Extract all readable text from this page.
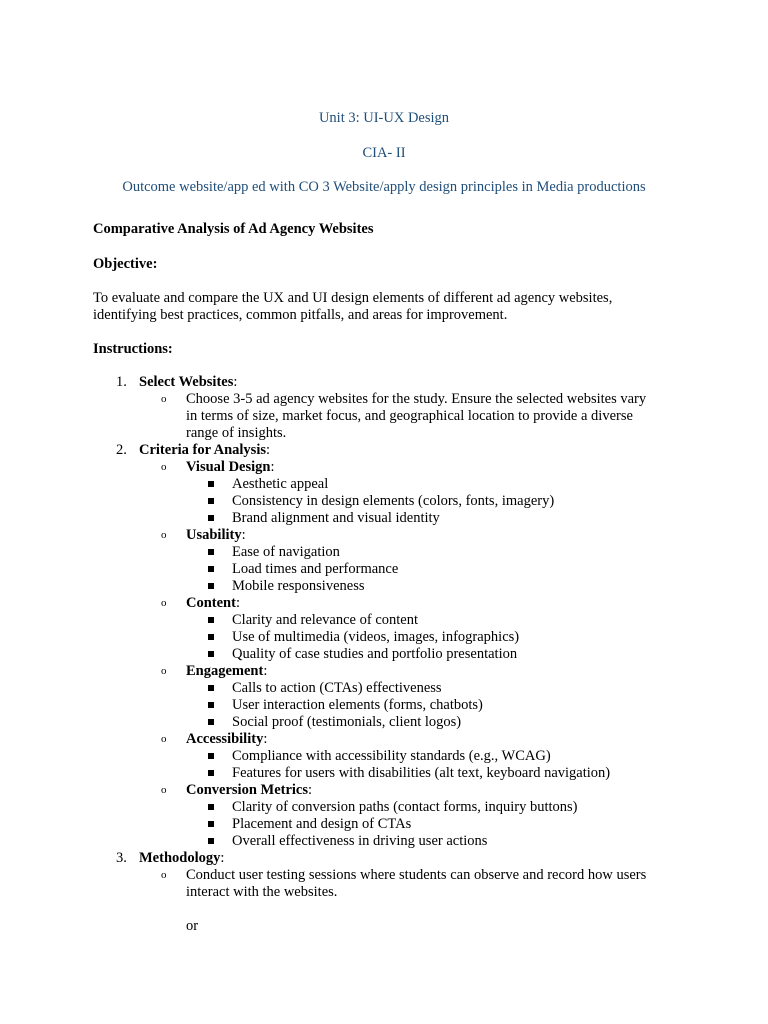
Unit 3: UI-UX Design
CIA- II
Outcome website/app ed with CO 3 Website/apply design principles in Media productions
Comparative Analysis of Ad Agency Websites
Objective:
To evaluate and compare the UX and UI design elements of different ad agency websites, identifying best practices, common pitfalls, and areas for improvement.
Instructions:
1. Select Websites:
o Choose 3-5 ad agency websites for the study. Ensure the selected websites vary in terms of size, market focus, and geographical location to provide a diverse range of insights.
2. Criteria for Analysis:
o Visual Design:
Aesthetic appeal
Consistency in design elements (colors, fonts, imagery)
Brand alignment and visual identity
o Usability:
Ease of navigation
Load times and performance
Mobile responsiveness
o Content:
Clarity and relevance of content
Use of multimedia (videos, images, infographics)
Quality of case studies and portfolio presentation
o Engagement:
Calls to action (CTAs) effectiveness
User interaction elements (forms, chatbots)
Social proof (testimonials, client logos)
o Accessibility:
Compliance with accessibility standards (e.g., WCAG)
Features for users with disabilities (alt text, keyboard navigation)
o Conversion Metrics:
Clarity of conversion paths (contact forms, inquiry buttons)
Placement and design of CTAs
Overall effectiveness in driving user actions
3. Methodology:
o Conduct user testing sessions where students can observe and record how users interact with the websites.
or
